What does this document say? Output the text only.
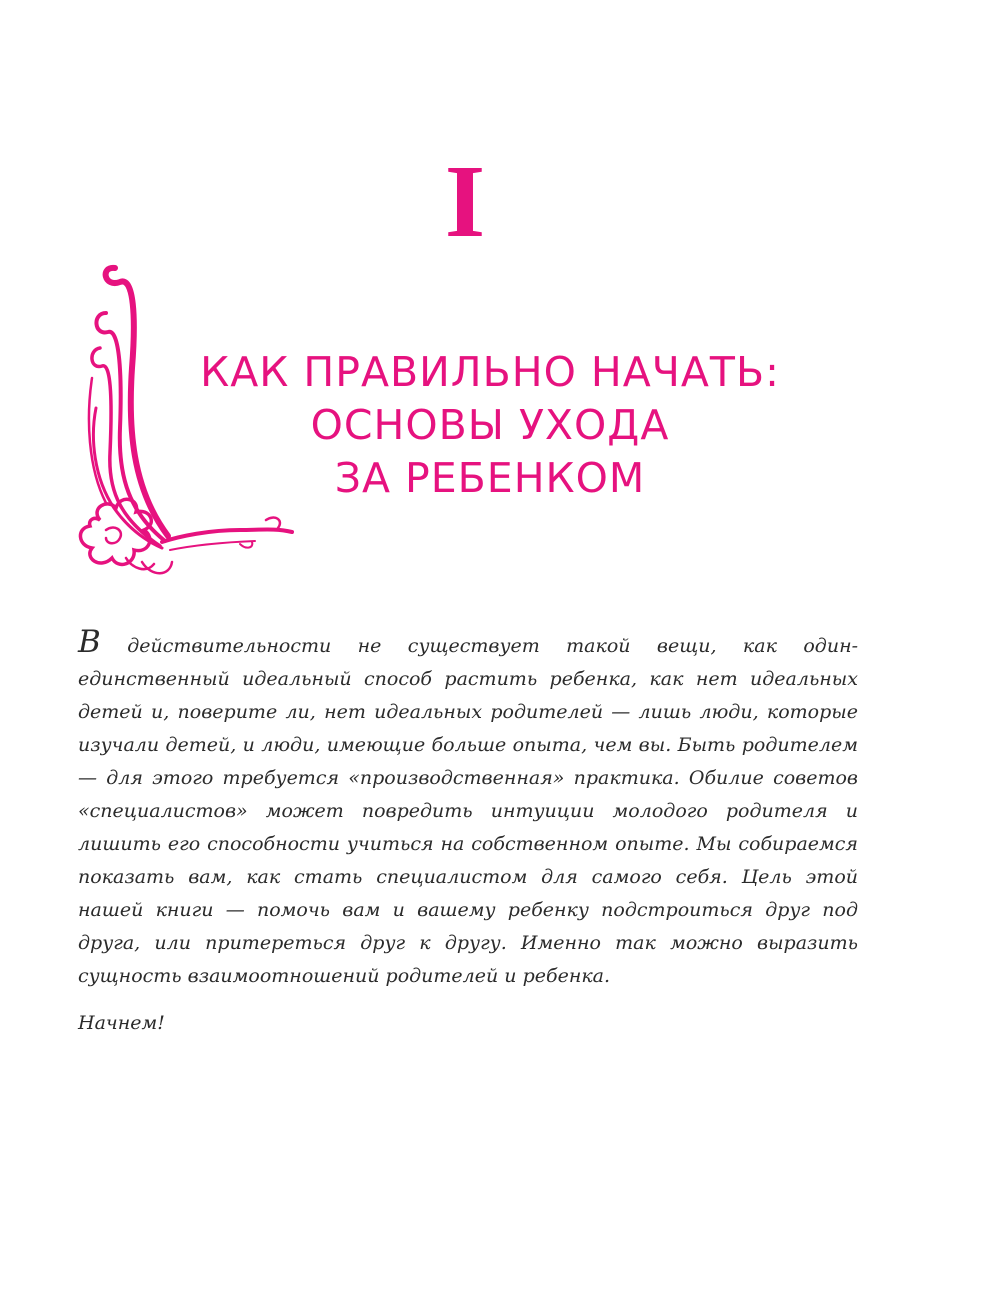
I
КАК ПРАВИЛЬНО НАЧАТЬ:
ОСНОВЫ УХОДА
ЗА РЕБЕНКОМ

В действительности не существует такой вещи, как один-единственный идеальный способ растить ребенка, как нет идеальных детей и, поверите ли, нет идеальных родителей — лишь люди, которые изучали детей, и люди, имеющие больше опыта, чем вы. Быть родителем — для этого требуется «производственная» практика. Обилие советов «специалистов» может повредить интуиции молодого родителя и лишить его способности учиться на собственном опыте. Мы собираемся показать вам, как стать специалистом для самого себя. Цель этой нашей книги — помочь вам и вашему ребенку подстроиться друг под друга, или притереться друг к другу. Именно так можно выразить сущность взаимоотношений родителей и ребенка.

Начнем!
